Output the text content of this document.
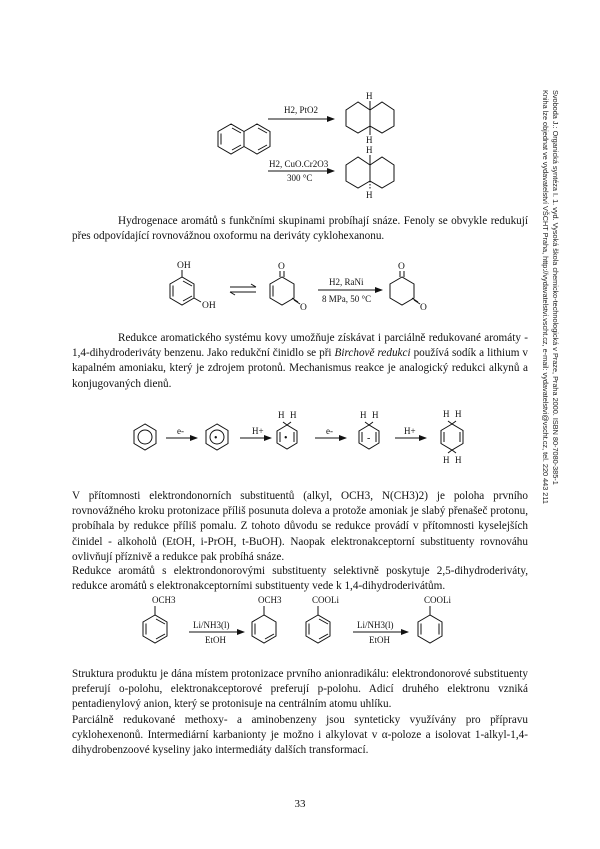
Svoboda J.: Organická syntéza I. 1. vyd. Vysoká škola chemicko-technologická v Praze, Praha 2000. ISBN 80-7080-385-1
Kniha lze objednat ve vydavatelství VŠCHT Praha, http://vydavatelstvi.vscht.cz, e-mail: vydavatelstvi@vscht.cz, tel. 220 443 211
H2, PtO2
H2, CuO.Cr2O3
300 °C
H
H
H
H

Hydrogenace aromátů s funkčními skupinami probíhají snáze. Fenoly se obvykle redukují přes odpovídající rovnovážnou oxoformu na deriváty cyklohexanonu.

OH
OH
O
O
H2, RaNi
8 MPa, 50 °C
O
O

Redukce aromatického systému kovy umožňuje získávat i parciálně redukované aromáty - 1,4-dihydroderiváty benzenu. Jako redukční činidlo se při Birchově redukci používá sodík a lithium v kapalném amoniaku, který je zdrojem protonů. Mechanismus reakce je analogický redukci alkynů a konjugovaných dienů.

e-
•
H+
H H
•
e-
H H
-
H+
H H
H H

V přítomnosti elektrondonorních substituentů (alkyl, OCH3, N(CH3)2) je poloha prvního rovnovážného kroku protonizace příliš posunuta doleva a protože amoniak je slabý přenašeč protonu, probíhala by redukce příliš pomalu. Z tohoto důvodu se redukce provádí v přítomnosti kyselejších činidel - alkoholů (EtOH, i-PrOH, t-BuOH). Naopak elektronakceptorní substituenty rovnováhu ovlivňují příznivě a redukce pak probíhá snáze.

Redukce aromátů s elektrondonorovými substituenty selektivně poskytuje 2,5-dihydroderiváty, redukce aromátů s elektronakceptorními substituenty vede k 1,4-dihydroderivátům.

OCH3
Li/NH3(l)
EtOH
OCH3	COOLi
Li/NH3(l)
EtOH
COOLi

Struktura produktu je dána místem protonizace prvního anionradikálu: elektrondonorové substituenty preferují o-polohu, elektronakceptorové preferují p-polohu. Adicí druhého elektronu vzniká pentadienylový anion, který se protonisuje na centrálním atomu uhlíku.

Parciálně redukované methoxy- a aminobenzeny jsou synteticky využívány pro přípravu cyklohexenonů. Intermediární karbanionty je možno i alkylovat v α-poloze a isolovat 1-alkyl-1,4-dihydrobenzoové kyseliny jako intermediáty dalších transformací.

33
